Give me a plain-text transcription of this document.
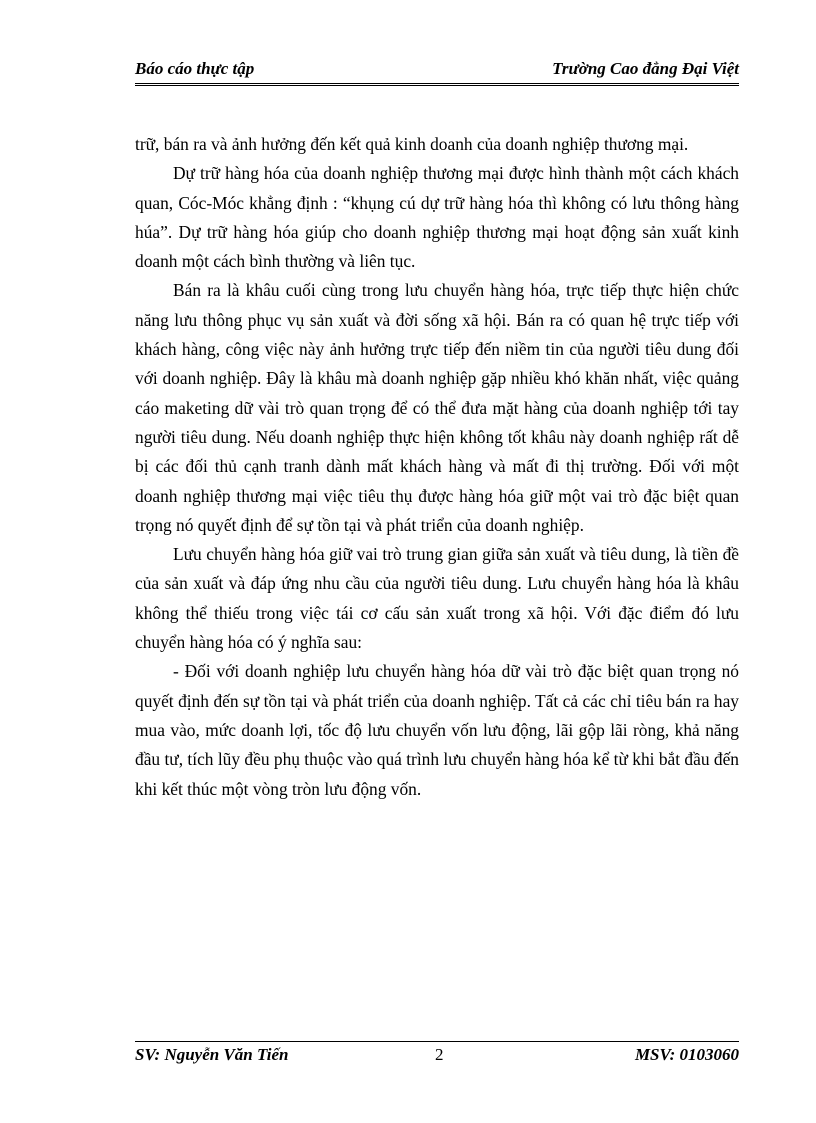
Báo cáo thực tập	Trường Cao đẳng Đại Việt

trữ, bán ra và ảnh hưởng đến kết quả kinh doanh của doanh nghiệp thương mại.

Dự trữ hàng hóa của doanh nghiệp thương mại được hình thành một cách khách quan, Cóc-Móc khẳng định : “khụng cú dự trữ hàng hóa thì không có lưu thông hàng húa”. Dự trữ hàng hóa giúp cho doanh nghiệp thương mại hoạt động sản xuất kinh doanh một cách bình thường và liên tục.

Bán ra là khâu cuối cùng trong lưu chuyển hàng hóa, trực tiếp thực hiện chức năng lưu thông phục vụ sản xuất và đời sống xã hội. Bán ra có quan hệ trực tiếp với khách hàng, công việc này ảnh hưởng trực tiếp đến niềm tin của người tiêu dung đối với doanh nghiệp. Đây là khâu mà doanh nghiệp gặp nhiều khó khăn nhất, việc quảng cáo maketing dữ vài trò quan trọng để có thể đưa mặt hàng của doanh nghiệp tới tay người tiêu dung. Nếu doanh nghiệp thực hiện không tốt khâu này doanh nghiệp rất dễ bị các đối thủ cạnh tranh dành mất khách hàng và mất đi thị trường. Đối với một doanh nghiệp thương mại việc tiêu thụ được hàng hóa giữ một vai trò đặc biệt quan trọng nó quyết định để sự tồn tại và phát triển của doanh nghiệp.

Lưu chuyển hàng hóa giữ vai trò trung gian giữa sản xuất và tiêu dung, là tiền đề của sản xuất và đáp ứng nhu cầu của người tiêu dung. Lưu chuyển hàng hóa là khâu không thể thiếu trong việc tái cơ cấu sản xuất trong xã hội. Với đặc điểm đó lưu chuyển hàng hóa có ý nghĩa sau:

- Đối với doanh nghiệp lưu chuyển hàng hóa dữ vài trò đặc biệt quan trọng nó quyết định đến sự tồn tại và phát triển của doanh nghiệp. Tất cả các chỉ tiêu bán ra hay mua vào, mức doanh lợi, tốc độ lưu chuyển vốn lưu động, lãi gộp lãi ròng, khả năng đầu tư, tích lũy đều phụ thuộc vào quá trình lưu chuyển hàng hóa kể từ khi bắt đầu đến khi kết thúc một vòng tròn lưu động vốn.

SV: Nguyễn Văn Tiến	2	MSV: 0103060
